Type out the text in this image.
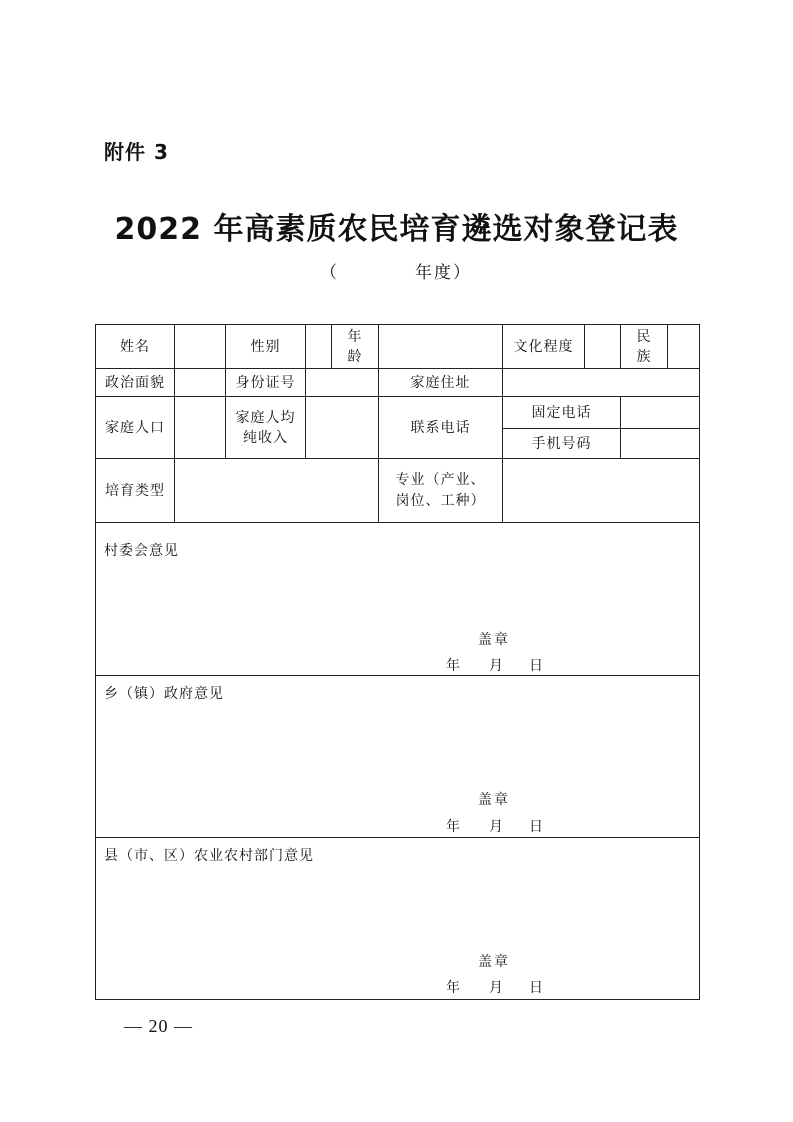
附件 3
2022 年高素质农民培育遴选对象登记表
（	年度）
姓名		性别		年龄		文化程度		民族	
政治面貌		身份证号			家庭住址				
家庭人口		家庭人均纯收入			联系电话	固定电话			
						手机号码			
培育类型					专业（产业、岗位、工种）				

村委会意见
盖章
年 月 日									

乡（镇）政府意见
盖章
年 月 日									

县（市、区）农业农村部门意见
盖章
年 月 日									
— 20 —
